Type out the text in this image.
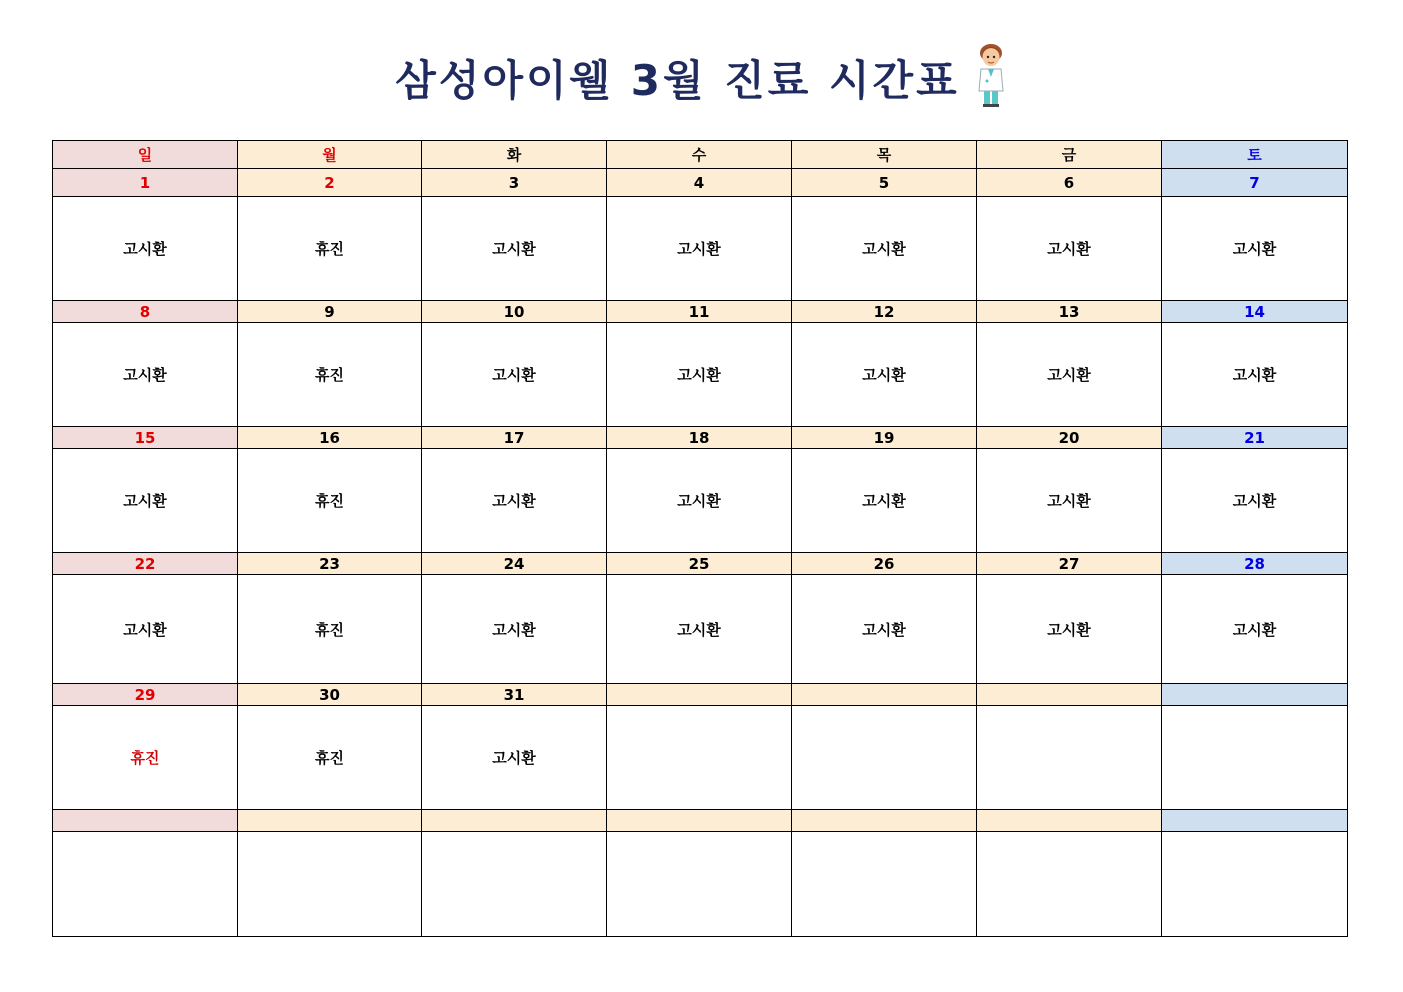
삼성아이웰 3월 진료 시간표
일	월	화	수	목	금	토
1	2	3	4	5	6	7
고시환	휴진	고시환	고시환	고시환	고시환	고시환
8	9	10	11	12	13	14
고시환	휴진	고시환	고시환	고시환	고시환	고시환
15	16	17	18	19	20	21
고시환	휴진	고시환	고시환	고시환	고시환	고시환
22	23	24	25	26	27	28
고시환	휴진	고시환	고시환	고시환	고시환	고시환
29	30	31				
휴진	휴진	고시환				
